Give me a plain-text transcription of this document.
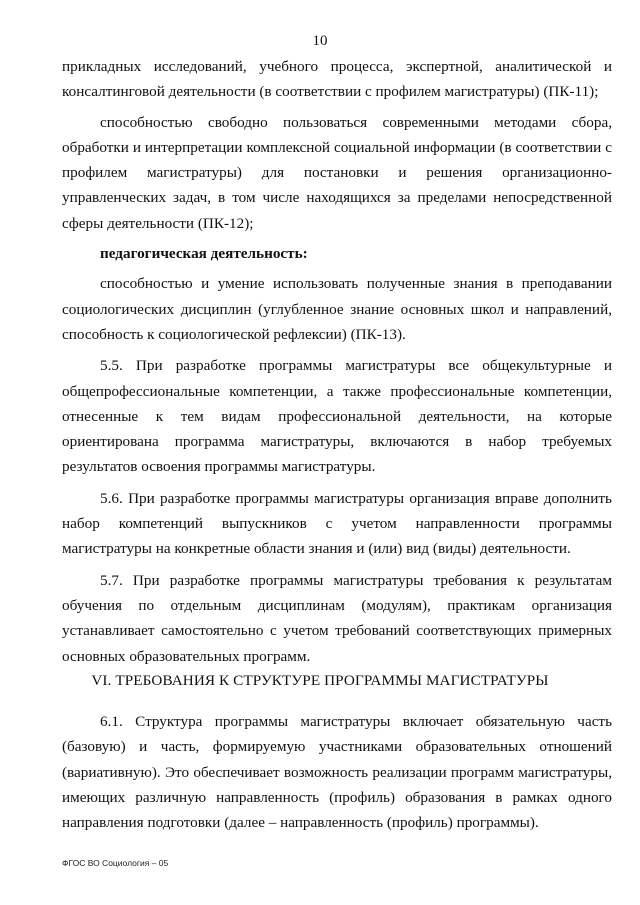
10

прикладных исследований, учебного процесса, экспертной, аналитической и консалтинговой деятельности (в соответствии с профилем магистратуры) (ПК-11);

способностью свободно пользоваться современными методами сбора, обработки и интерпретации комплексной социальной информации (в соответствии с профилем магистратуры) для постановки и решения организационно-управленческих задач, в том числе находящихся за пределами непосредственной сферы деятельности (ПК-12);

педагогическая деятельность:

способностью и умение использовать полученные знания в преподавании социологических дисциплин (углубленное знание основных школ и направлений, способность к социологической рефлексии) (ПК-13).

5.5. При разработке программы магистратуры все общекультурные и общепрофессиональные компетенции, а также профессиональные компетенции, отнесенные к тем видам профессиональной деятельности, на которые ориентирована программа магистратуры, включаются в набор требуемых результатов освоения программы магистратуры.

5.6. При разработке программы магистратуры организация вправе дополнить набор компетенций выпускников с учетом направленности программы магистратуры на конкретные области знания и (или) вид (виды) деятельности.

5.7. При разработке программы магистратуры требования к результатам обучения по отдельным дисциплинам (модулям), практикам организация устанавливает самостоятельно с учетом требований соответствующих примерных основных образовательных программ.

VI. ТРЕБОВАНИЯ К СТРУКТУРЕ ПРОГРАММЫ МАГИСТРАТУРЫ

6.1. Структура программы магистратуры включает обязательную часть (базовую) и часть, формируемую участниками образовательных отношений (вариативную). Это обеспечивает возможность реализации программ магистратуры, имеющих различную направленность (профиль) образования в рамках одного направления подготовки (далее – направленность (профиль) программы).

ФГОС ВО Социология – 05
